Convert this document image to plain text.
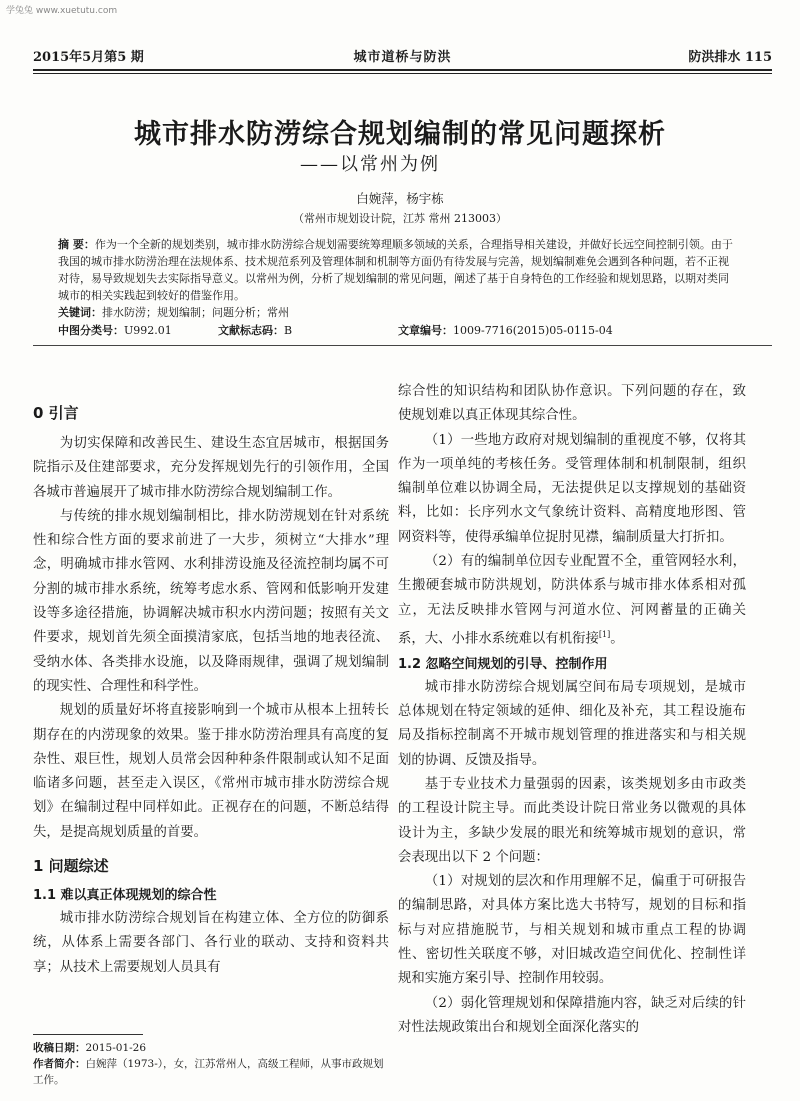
学兔兔 www.xuetutu.com
2015年5月第5 期	城市道桥与防洪	防洪排水 115
城市排水防涝综合规划编制的常见问题探析
——以常州为例
白婉萍，杨宇栋
（常州市规划设计院，江苏 常州 213003）
摘 要：作为一个全新的规划类别，城市排水防涝综合规划需要统筹理顺多领域的关系，合理指导相关建设，并做好长远空间控制引领。由于我国的城市排水防涝治理在法规体系、技术规范系列及管理体制和机制等方面仍有待发展与完善，规划编制难免会遇到各种问题，若不正视对待，易导致规划失去实际指导意义。以常州为例，分析了规划编制的常见问题，阐述了基于自身特色的工作经验和规划思路，以期对类同城市的相关实践起到较好的借鉴作用。
关键词：排水防涝；规划编制；问题分析；常州
中图分类号：U992.01	文献标志码：B	文章编号：1009-7716(2015)05-0115-04
0 引言

为切实保障和改善民生、建设生态宜居城市，根据国务院指示及住建部要求，充分发挥规划先行的引领作用，全国各城市普遍展开了城市排水防涝综合规划编制工作。

与传统的排水规划编制相比，排水防涝规划在针对系统性和综合性方面的要求前进了一大步，须树立“大排水”理念，明确城市排水管网、水利排涝设施及径流控制均属不可分割的城市排水系统，统筹考虑水系、管网和低影响开发建设等多途径措施，协调解决城市积水内涝问题；按照有关文件要求，规划首先须全面摸清家底，包括当地的地表径流、受纳水体、各类排水设施，以及降雨规律，强调了规划编制的现实性、合理性和科学性。

规划的质量好坏将直接影响到一个城市从根本上扭转长期存在的内涝现象的效果。鉴于排水防涝治理具有高度的复杂性、艰巨性，规划人员常会因种种条件限制或认知不足面临诸多问题，甚至走入误区，《常州市城市排水防涝综合规划》在编制过程中同样如此。正视存在的问题，不断总结得失，是提高规划质量的首要。

1 问题综述
1.1 难以真正体现规划的综合性

城市排水防涝综合规划旨在构建立体、全方位的防御系统，从体系上需要各部门、各行业的联动、支持和资料共享；从技术上需要规划人员具有

综合性的知识结构和团队协作意识。下列问题的存在，致使规划难以真正体现其综合性。

（1）一些地方政府对规划编制的重视度不够，仅将其作为一项单纯的考核任务。受管理体制和机制限制，组织编制单位难以协调全局，无法提供足以支撑规划的基础资料，比如：长序列水文气象统计资料、高精度地形图、管网资料等，使得承编单位捉肘见襟，编制质量大打折扣。

（2）有的编制单位因专业配置不全，重管网轻水利，生搬硬套城市防洪规划，防洪体系与城市排水体系相对孤立，无法反映排水管网与河道水位、河网蓄量的正确关系，大、小排水系统难以有机衔接[1]。

1.2 忽略空间规划的引导、控制作用

城市排水防涝综合规划属空间布局专项规划，是城市总体规划在特定领域的延伸、细化及补充，其工程设施布局及指标控制离不开城市规划管理的推进落实和与相关规划的协调、反馈及指导。

基于专业技术力量强弱的因素，该类规划多由市政类的工程设计院主导。而此类设计院日常业务以微观的具体设计为主，多缺少发展的眼光和统筹城市规划的意识，常会表现出以下 2 个问题：

（1）对规划的层次和作用理解不足，偏重于可研报告的编制思路，对具体方案比选大书特写，规划的目标和指标与对应措施脱节，与相关规划和城市重点工程的协调性、密切性关联度不够，对旧城改造空间优化、控制性详规和实施方案引导、控制作用较弱。

（2）弱化管理规划和保障措施内容，缺乏对后续的针对性法规政策出台和规划全面深化落实的

收稿日期：2015-01-26
作者简介：白婉萍（1973-），女，江苏常州人，高级工程师，从事市政规划工作。
